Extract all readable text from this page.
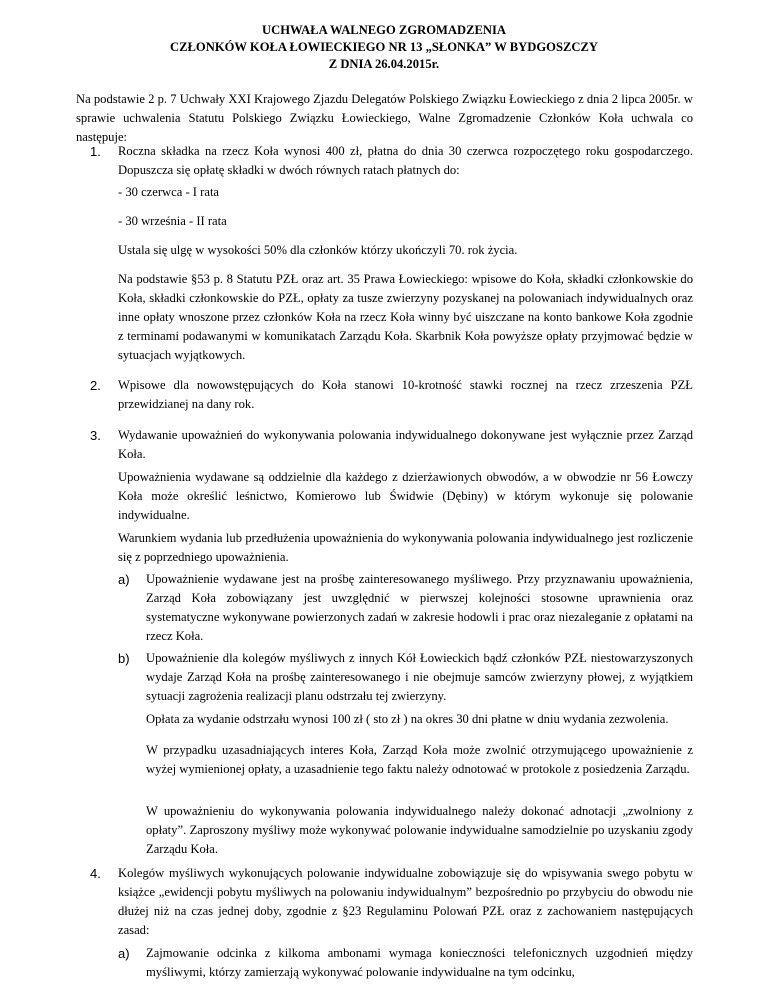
UCHWAŁA WALNEGO ZGROMADZENIA
CZŁONKÓW KOŁA ŁOWIECKIEGO NR 13 „SŁONKA” W BYDGOSZCZY
Z DNIA 26.04.2015r.
Na podstawie 2 p. 7 Uchwały XXI Krajowego Zjazdu Delegatów Polskiego Związku Łowieckiego z dnia 2 lipca 2005r. w sprawie uchwalenia Statutu Polskiego Związku Łowieckiego, Walne Zgromadzenie Członków Koła uchwala co następuje:
1. Roczna składka na rzecz Koła wynosi 400 zł, płatna do dnia 30 czerwca rozpoczętego roku gospodarczego. Dopuszcza się opłatę składki w dwóch równych ratach płatnych do:
- 30 czerwca - I rata
- 30 września - II rata
Ustala się ulgę w wysokości 50% dla członków którzy ukończyli 70. rok życia.
Na podstawie §53 p. 8 Statutu PZŁ oraz art. 35 Prawa Łowieckiego: wpisowe do Koła, składki członkowskie do Koła, składki członkowskie do PZŁ, opłaty za tusze zwierzyny pozyskanej na polowaniach indywidualnych oraz inne opłaty wnoszone przez członków Koła na rzecz Koła winny być uiszczane na konto bankowe Koła zgodnie z terminami podawanymi w komunikatach Zarządu Koła. Skarbnik Koła powyższe opłaty przyjmować będzie w sytuacjach wyjątkowych.
2. Wpisowe dla nowowstępujących do Koła stanowi 10-krotność stawki rocznej na rzecz zrzeszenia PZŁ przewidzianej na dany rok.
3. Wydawanie upoważnień do wykonywania polowania indywidualnego dokonywane jest wyłącznie przez Zarząd Koła.
Upoważnienia wydawane są oddzielnie dla każdego z dzierżawionych obwodów, a w obwodzie nr 56 Łowczy Koła może określić leśnictwo, Komierowo lub Świdwie (Dębiny) w którym wykonuje się polowanie indywidualne.
Warunkiem wydania lub przedłużenia upoważnienia do wykonywania polowania indywidualnego jest rozliczenie się z poprzedniego upoważnienia.
a) Upoważnienie wydawane jest na prośbę zainteresowanego myśliwego. Przy przyznawaniu upoważnienia, Zarząd Koła zobowiązany jest uwzględnić w pierwszej kolejności stosowne uprawnienia oraz systematyczne wykonywane powierzonych zadań w zakresie hodowli i prac oraz niezaleganie z opłatami na rzecz Koła.
b) Upoważnienie dla kolegów myśliwych z innych Kół Łowieckich bądź członków PZŁ niestowarzyszonych wydaje Zarząd Koła na prośbę zainteresowanego i nie obejmuje samców zwierzyny płowej, z wyjątkiem sytuacji zagrożenia realizacji planu odstrzału tej zwierzyny.
Opłata za wydanie odstrzału wynosi 100 zł ( sto zł ) na okres 30 dni płatne w dniu wydania zezwolenia.
W przypadku uzasadniających interes Koła, Zarząd Koła może zwolnić otrzymującego upoważnienie z wyżej wymienionej opłaty, a uzasadnienie tego faktu należy odnotować w protokole z posiedzenia Zarządu.
W upoważnieniu do wykonywania polowania indywidualnego należy dokonać adnotacji „zwolniony z opłaty”. Zaproszony myśliwy może wykonywać polowanie indywidualne samodzielnie po uzyskaniu zgody Zarządu Koła.
4. Kolegów myśliwych wykonujących polowanie indywidualne zobowiązuje się do wpisywania swego pobytu w książce „ewidencji pobytu myśliwych na polowaniu indywidualnym” bezpośrednio po przybyciu do obwodu nie dłużej niż na czas jednej doby, zgodnie z §23 Regulaminu Polowań PZŁ oraz z zachowaniem następujących zasad:
a) Zajmowanie odcinka z kilkoma ambonami wymaga konieczności telefonicznych uzgodnień między myśliwymi, którzy zamierzają wykonywać polowanie indywidualne na tym odcinku,
